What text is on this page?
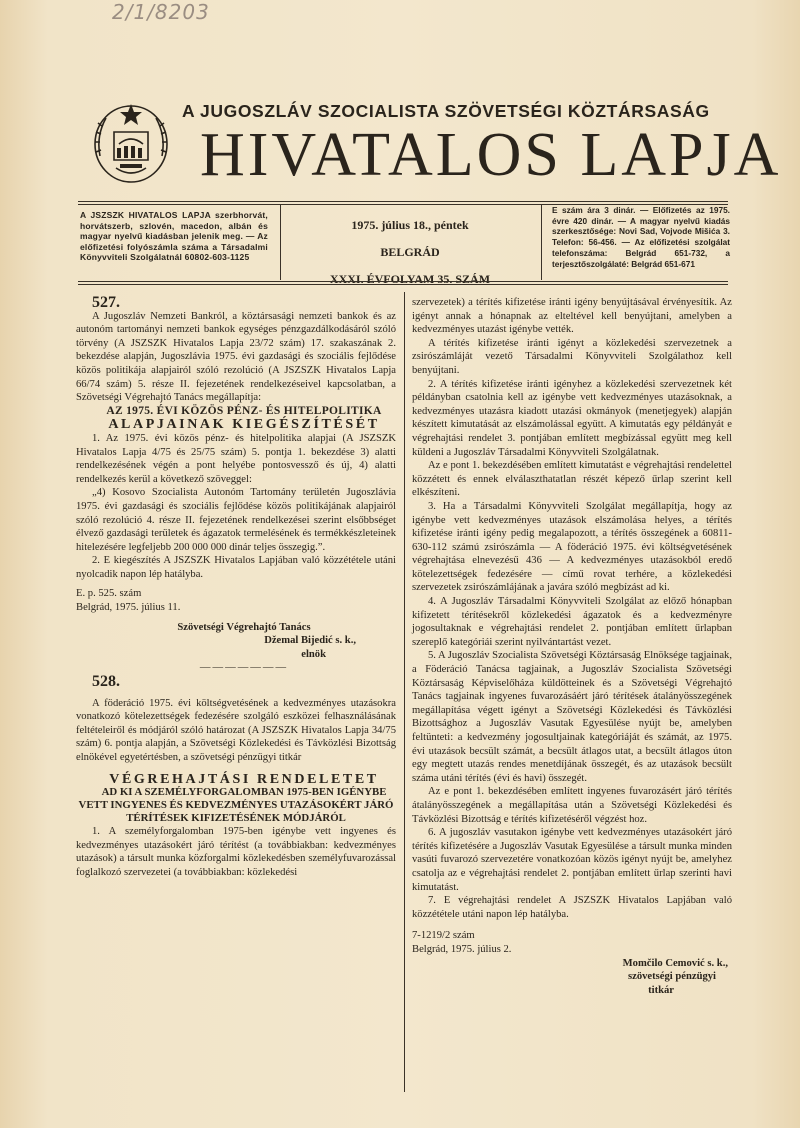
2/1/8203
A JUGOSZLÁV SZOCIALISTA SZÖVETSÉGI KÖZTÁRSASÁG
HIVATALOS LAPJA
A JSZSZK HIVATALOS LAPJA szerbhorvát, horvátszerb, szlovén, macedon, albán és magyar nyelvű kiadásban jelenik meg. — Az előfizetési folyószámla száma a Társadalmi Könyvviteli Szolgálatnál 60802-603-1125
1975. július 18., péntek
BELGRÁD
XXXI. ÉVFOLYAM 35. SZÁM
E szám ára 3 dinár. — Előfizetés az 1975. évre 420 dinár. — A magyar nyelvű kiadás szerkesztősége: Novi Sad, Vojvode Mišića 3. Telefon: 56-456. — Az előfizetési szolgálat telefonszáma: Belgrád 651-732, a terjesztőszolgálaté: Belgrád 651-671

527.

A Jugoszláv Nemzeti Bankról, a köztársasági nemzeti bankok és az autonóm tartományi nemzeti bankok egységes pénzgazdálkodásáról szóló törvény (A JSZSZK Hivatalos Lapja 23/72 szám) 17. szakaszának 2. bekezdése alapján, Jugoszlávia 1975. évi gazdasági és szociális fejlődése közös politikája alapjairól szóló rezolúció (A JSZSZK Hivatalos Lapja 66/74 szám) 5. része II. fejezetének rendelkezéseivel kapcsolatban, a Szövetségi Végrehajtó Tanács megállapítja:

AZ 1975. ÉVI KÖZÖS PÉNZ- ÉS HITELPOLITIKA

ALAPJAINAK KIEGÉSZÍTÉSÉT

1. Az 1975. évi közös pénz- és hitelpolitika alapjai (A JSZSZK Hivatalos Lapja 4/75 és 25/75 szám) 5. pontja 1. bekezdése 3) alatti rendelkezésének végén a pont helyébe pontosvessző és új, 4) alatti rendelkezés kerül a következő szöveggel:

„4) Kosovo Szocialista Autonóm Tartomány területén Jugoszlávia 1975. évi gazdasági és szociális fejlődése közös politikájának alapjairól szóló rezolúció 4. része II. fejezetének rendelkezései szerint elsőbbséget élvező gazdasági területek és ágazatok termelésének és termékkészleteinek hitelezésére legfeljebb 200 000 000 dinár teljes összegig.”.

2. E kiegészítés A JSZSZK Hivatalos Lapjában való közzététele utáni nyolcadik napon lép hatályba.

E. p. 525. szám

Belgrád, 1975. július 11.

Szövetségi Végrehajtó Tanács

Džemal Bijedić s. k.,

elnök

———————

528.

A föderáció 1975. évi költségvetésének a kedvezményes utazásokra vonatkozó kötelezettségek fedezésére szolgáló eszközei felhasználásának feltételeiről és módjáról szóló határozat (A JSZSZK Hivatalos Lapja 34/75 szám) 6. pontja alapján, a Szövetségi Közlekedési és Távközlési Bizottság elnökével egyetértésben, a szövetségi pénzügyi titkár

VÉGREHAJTÁSI RENDELETET

AD KI A SZEMÉLYFORGALOMBAN 1975-BEN IGÉNYBE VETT INGYENES ÉS KEDVEZMÉNYES UTAZÁSOKÉRT JÁRÓ TÉRÍTÉSEK KIFIZETÉSÉNEK MÓDJÁRÓL

1. A személyforgalomban 1975-ben igénybe vett ingyenes és kedvezményes utazásokért járó térítést (a továbbiakban: kedvezményes utazások) a társult munka közforgalmi közlekedésben személyfuvarozással foglalkozó szervezetei (a továbbiakban: közlekedési

szervezetek) a térítés kifizetése iránti igény benyújtásával érvényesítik. Az igényt annak a hónapnak az elteltével kell benyújtani, amelyben a kedvezményes utazást igénybe vették.

A térítés kifizetése iránti igényt a közlekedési szervezetnek a zsirószámláját vezető Társadalmi Könyvviteli Szolgálathoz kell benyújtani.

2. A térítés kifizetése iránti igényhez a közlekedési szervezetnek két példányban csatolnia kell az igénybe vett kedvezményes utazásoknak, a kedvezményes utazásra kiadott utazási okmányok (menetjegyek) alapján készített kimutatását az elszámolással együtt. A kimutatás egy példányát e végrehajtási rendelet 3. pontjában említett megbízással együtt meg kell küldeni a Jugoszláv Társadalmi Könyvviteli Szolgálatnak.

Az e pont 1. bekezdésében említett kimutatást e végrehajtási rendelettel közzétett és ennek elválaszthatatlan részét képező űrlap szerint kell elkészíteni.

3. Ha a Társadalmi Könyvviteli Szolgálat megállapítja, hogy az igénybe vett kedvezményes utazások elszámolása helyes, a térítés kifizetése iránti igény pedig megalapozott, a térítés összegének a 60811-630-112 számú zsirószámla — A föderáció 1975. évi költségvetésének végrehajtása elnevezésű 436 — A kedvezményes utazásokból eredő kötelezettségek fedezésére — című rovat terhére, a közlekedési szervezetek zsirószámlájának a javára szóló megbízást ad ki.

4. A Jugoszláv Társadalmi Könyvviteli Szolgálat az előző hónapban kifizetett térítésekről közlekedési ágazatok és a kedvezményre jogosultaknak e végrehajtási rendelet 2. pontjában említett űrlapban szereplő kategóriái szerint nyilvántartást vezet.

5. A Jugoszláv Szocialista Szövetségi Köztársaság Elnöksége tagjainak, a Föderáció Tanácsa tagjainak, a Jugoszláv Szocialista Szövetségi Köztársaság Képviselőháza küldötteinek és a Szövetségi Végrehajtó Tanács tagjainak ingyenes fuvarozásáért járó térítések átalányösszegének megállapítása végett igényt a Szövetségi Közlekedési és Távközlési Bizottsághoz a Jugoszláv Vasutak Egyesülése nyújt be, amelyben feltünteti: a kedvezmény jogosultjainak kategóriáját és számát, az 1975. évi utazások becsült számát, a becsült átlagos utat, a becsült átlagos úton egy megtett utazás rendes menetdíjának összegét, és az utazások becsült száma utáni térítés (évi és havi) összegét.

Az e pont 1. bekezdésében említett ingyenes fuvarozásért járó térítés átalányösszegének a megállapítása után a Szövetségi Közlekedési és Távközlési Bizottság e térítés kifizetéséről végzést hoz.

6. A jugoszláv vasutakon igénybe vett kedvezményes utazásokért járó térítés kifizetésére a Jugoszláv Vasutak Egyesülése a társult munka minden vasúti fuvarozó szervezetére vonatkozóan közös igényt nyújt be, amelyhez csatolja az e végrehajtási rendelet 2. pontjában említett űrlap szerinti havi kimutatást.

7. E végrehajtási rendelet A JSZSZK Hivatalos Lapjában való közzététele utáni napon lép hatályba.

7-1219/2 szám

Belgrád, 1975. július 2.

Momčilo Cemović s. k.,

szövetségi pénzügyi

titkár
